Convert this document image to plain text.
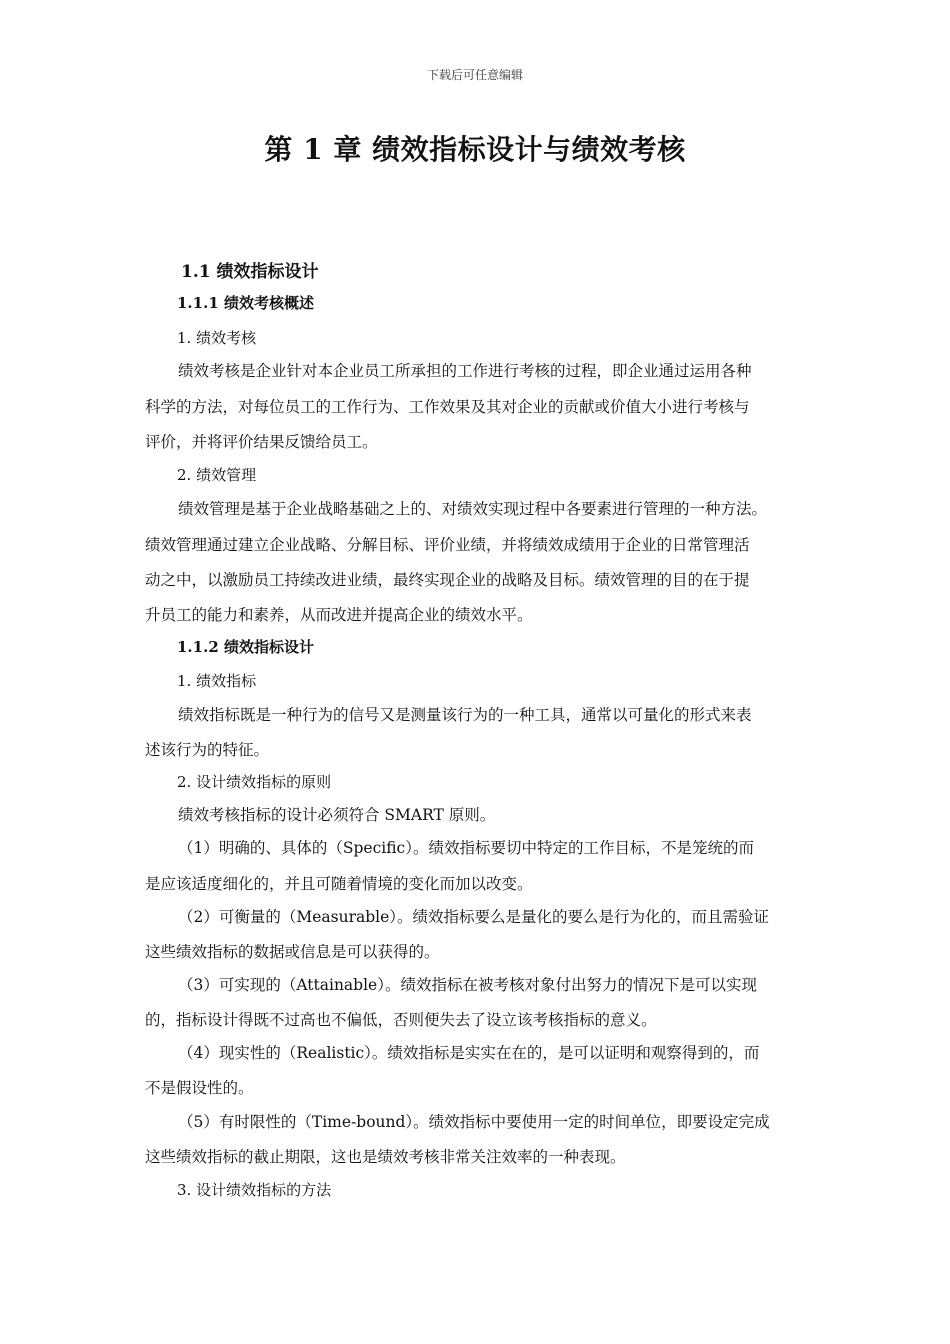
下载后可任意编辑
第 1 章 绩效指标设计与绩效考核
1.1 绩效指标设计
1.1.1 绩效考核概述
1. 绩效考核
绩效考核是企业针对本企业员工所承担的工作进行考核的过程，即企业通过运用各种
科学的方法，对每位员工的工作行为、工作效果及其对企业的贡献或价值大小进行考核与
评价，并将评价结果反馈给员工。
2. 绩效管理
绩效管理是基于企业战略基础之上的、对绩效实现过程中各要素进行管理的一种方法。
绩效管理通过建立企业战略、分解目标、评价业绩，并将绩效成绩用于企业的日常管理活
动之中，以激励员工持续改进业绩，最终实现企业的战略及目标。绩效管理的目的在于提
升员工的能力和素养，从而改进并提高企业的绩效水平。
1.1.2 绩效指标设计
1. 绩效指标
绩效指标既是一种行为的信号又是测量该行为的一种工具，通常以可量化的形式来表
述该行为的特征。
2. 设计绩效指标的原则
绩效考核指标的设计必须符合 SMART 原则。
（1）明确的、具体的（Specific）。绩效指标要切中特定的工作目标，不是笼统的而
是应该适度细化的，并且可随着情境的变化而加以改变。
（2）可衡量的（Measurable）。绩效指标要么是量化的要么是行为化的，而且需验证
这些绩效指标的数据或信息是可以获得的。
（3）可实现的（Attainable）。绩效指标在被考核对象付出努力的情况下是可以实现
的，指标设计得既不过高也不偏低，否则便失去了设立该考核指标的意义。
（4）现实性的（Realistic）。绩效指标是实实在在的，是可以证明和观察得到的，而
不是假设性的。
（5）有时限性的（Time-bound）。绩效指标中要使用一定的时间单位，即要设定完成
这些绩效指标的截止期限，这也是绩效考核非常关注效率的一种表现。
3. 设计绩效指标的方法
